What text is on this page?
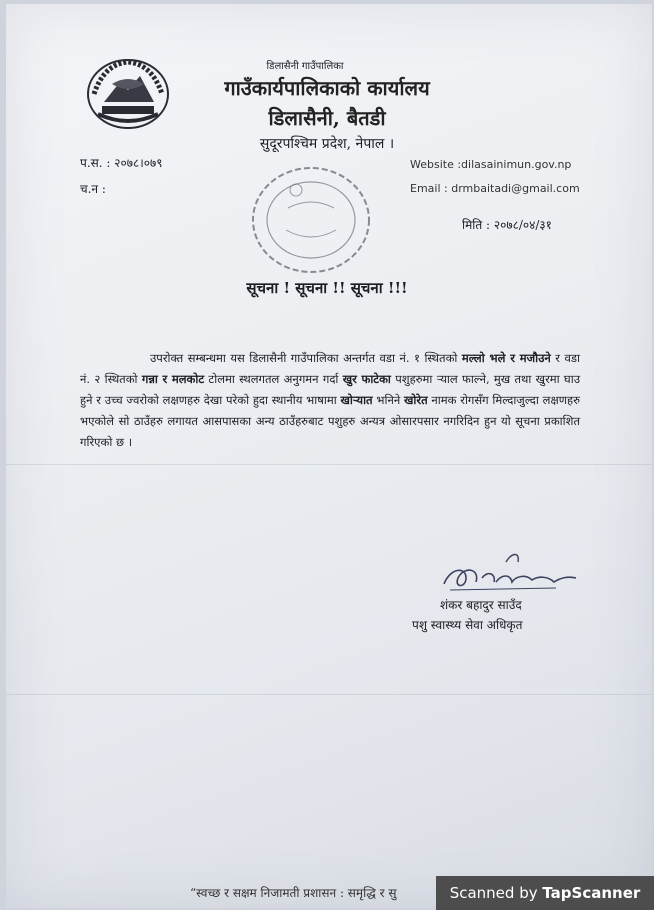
डिलासैनी गाउँपालिका
गाउँकार्यपालिकाको कार्यालय
डिलासैनी, बैतडी
सुदूरपश्चिम प्रदेश, नेपाल ।
प.स. : २०७८।०७९
च.न :
Website :dilasainimun.gov.np
Email : drmbaitadi@gmail.com
मिति : २०७८/०४/३१
सूचना ! सूचना !! सूचना !!!
उपरोक्त सम्बन्धमा यस डिलासैनी गाउँपालिका अन्तर्गत वडा नं. १ स्थितको मल्लो भले र मजौउने र वडा नं. २ स्थितको गन्ना र मलकोट टोलमा स्थलगतल अनुगमन गर्दा खुर फाटेका पशुहरुमा र्‍याल फाल्ने, मुख तथा खुरमा घाउ हुने र उच्च ज्वरोको लक्षणहरु देखा परेको हुदा स्थानीय भाषामा खोर्‍यात भनिने खोरेत नामक रोगसँग मिल्दाजुल्दा लक्षणहरु भएकोले सो ठाउँहरु लगायत आसपासका अन्य ठाउँहरुबाट पशुहरु अन्यत्र ओसारपसार नगरिदिन हुन यो सूचना प्रकाशित गरिएको छ ।
शंकर बहादुर साउँद
पशु स्वास्थ्य सेवा अधिकृत
“स्वच्छ र सक्षम निजामती प्रशासन : समृद्धि र सु	Scanned by TapScanner
